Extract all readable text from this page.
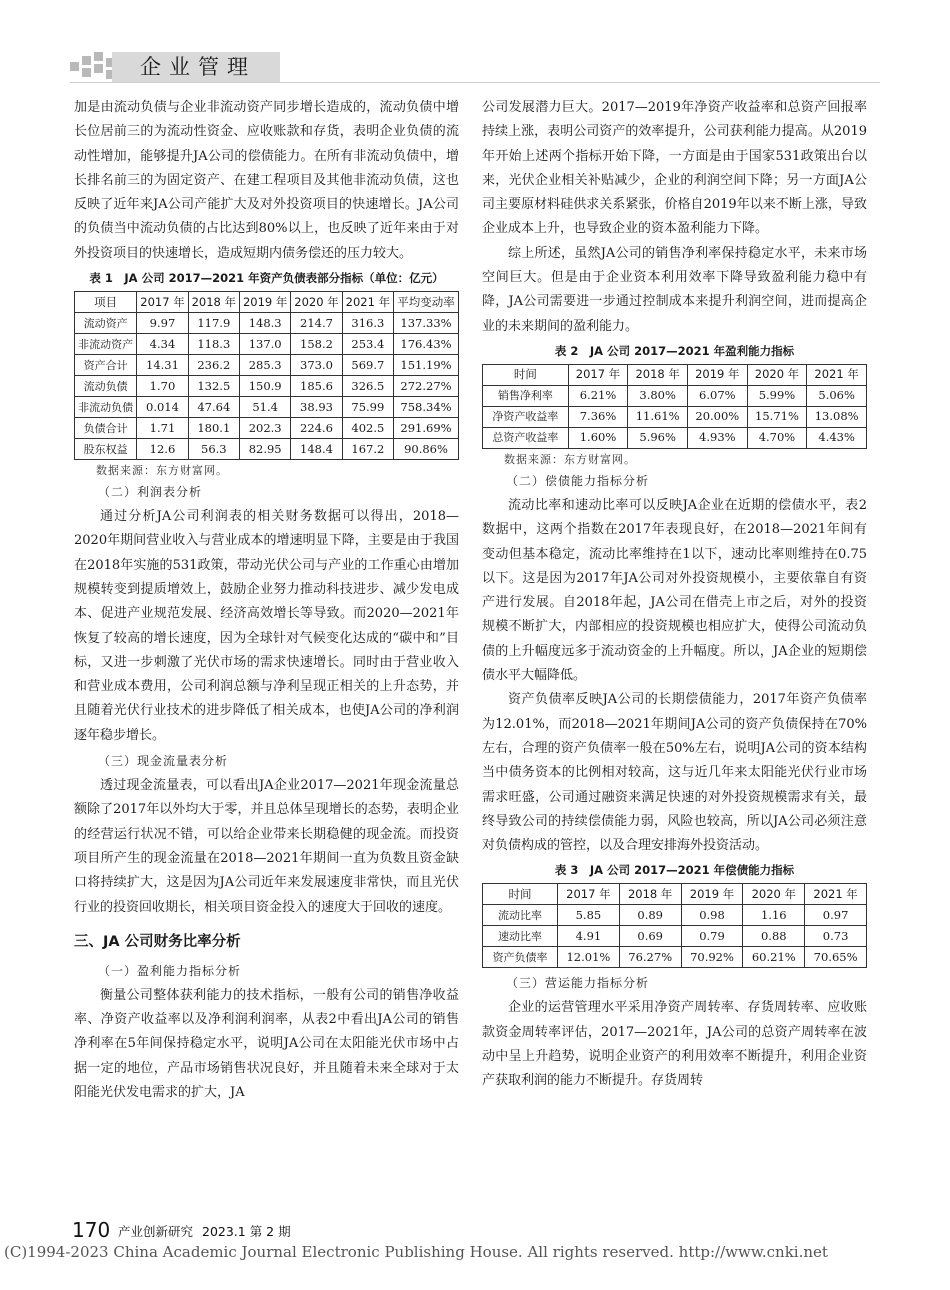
企业管理

加是由流动负债与企业非流动资产同步增长造成的，流动负债中增长位居前三的为流动性资金、应收账款和存货，表明企业负债的流动性增加，能够提升JA公司的偿债能力。在所有非流动负债中，增长排名前三的为固定资产、在建工程项目及其他非流动负债，这也反映了近年来JA公司产能扩大及对外投资项目的快速增长。JA公司的负债当中流动负债的占比达到80%以上，也反映了近年来由于对外投资项目的快速增长，造成短期内债务偿还的压力较大。

表 1　JA 公司 2017—2021 年资产负债表部分指标（单位：亿元）
项目	2017 年	2018 年	2019 年	2020 年	2021 年	平均变动率
流动资产	9.97	117.9	148.3	214.7	316.3	137.33%
非流动资产	4.34	118.3	137.0	158.2	253.4	176.43%
资产合计	14.31	236.2	285.3	373.0	569.7	151.19%
流动负债	1.70	132.5	150.9	185.6	326.5	272.27%
非流动负债	0.014	47.64	51.4	38.93	75.99	758.34%
负债合计	1.71	180.1	202.3	224.6	402.5	291.69%
股东权益	12.6	56.3	82.95	148.4	167.2	90.86%
数据来源：东方财富网。
（二）利润表分析

通过分析JA公司利润表的相关财务数据可以得出，2018—2020年期间营业收入与营业成本的增速明显下降，主要是由于我国在2018年实施的531政策，带动光伏公司与产业的工作重心由增加规模转变到提质增效上，鼓励企业努力推动科技进步、减少发电成本、促进产业规范发展、经济高效增长等导致。而2020—2021年恢复了较高的增长速度，因为全球针对气候变化达成的“碳中和”目标，又进一步刺激了光伏市场的需求快速增长。同时由于营业收入和营业成本费用，公司利润总额与净利呈现正相关的上升态势，并且随着光伏行业技术的进步降低了相关成本，也使JA公司的净利润逐年稳步增长。

（三）现金流量表分析

透过现金流量表，可以看出JA企业2017—2021年现金流量总额除了2017年以外均大于零，并且总体呈现增长的态势，表明企业的经营运行状况不错，可以给企业带来长期稳健的现金流。而投资项目所产生的现金流量在2018—2021年期间一直为负数且资金缺口将持续扩大，这是因为JA公司近年来发展速度非常快，而且光伏行业的投资回收期长，相关项目资金投入的速度大于回收的速度。

三、JA 公司财务比率分析
（一）盈利能力指标分析

衡量公司整体获利能力的技术指标，一般有公司的销售净收益率、净资产收益率以及净利润利润率，从表2中看出JA公司的销售净利率在5年间保持稳定水平，说明JA公司在太阳能光伏市场中占据一定的地位，产品市场销售状况良好，并且随着未来全球对于太阳能光伏发电需求的扩大，JA

公司发展潜力巨大。2017—2019年净资产收益率和总资产回报率持续上涨，表明公司资产的效率提升，公司获利能力提高。从2019年开始上述两个指标开始下降，一方面是由于国家531政策出台以来，光伏企业相关补贴减少，企业的利润空间下降；另一方面JA公司主要原材料硅供求关系紧张，价格自2019年以来不断上涨，导致企业成本上升，也导致企业的资本盈利能力下降。

综上所述，虽然JA公司的销售净利率保持稳定水平，未来市场空间巨大。但是由于企业资本利用效率下降导致盈利能力稳中有降，JA公司需要进一步通过控制成本来提升利润空间，进而提高企业的未来期间的盈利能力。

表 2　JA 公司 2017—2021 年盈利能力指标
时间	2017 年	2018 年	2019 年	2020 年	2021 年
销售净利率	6.21%	3.80%	6.07%	5.99%	5.06%
净资产收益率	7.36%	11.61%	20.00%	15.71%	13.08%
总资产收益率	1.60%	5.96%	4.93%	4.70%	4.43%
数据来源：东方财富网。
（二）偿债能力指标分析

流动比率和速动比率可以反映JA企业在近期的偿债水平，表2数据中，这两个指数在2017年表现良好，在2018—2021年间有变动但基本稳定，流动比率维持在1以下，速动比率则维持在0.75以下。这是因为2017年JA公司对外投资规模小，主要依靠自有资产进行发展。自2018年起，JA公司在借壳上市之后，对外的投资规模不断扩大，内部相应的投资规模也相应扩大，使得公司流动负债的上升幅度远多于流动资金的上升幅度。所以，JA企业的短期偿债水平大幅降低。

资产负债率反映JA公司的长期偿债能力，2017年资产负债率为12.01%，而2018—2021年期间JA公司的资产负债保持在70%左右，合理的资产负债率一般在50%左右，说明JA公司的资本结构当中债务资本的比例相对较高，这与近几年来太阳能光伏行业市场需求旺盛，公司通过融资来满足快速的对外投资规模需求有关，最终导致公司的持续偿债能力弱，风险也较高，所以JA公司必须注意对负债构成的管控，以及合理安排海外投资活动。

表 3　JA 公司 2017—2021 年偿债能力指标
时间	2017 年	2018 年	2019 年	2020 年	2021 年
流动比率	5.85	0.89	0.98	1.16	0.97
速动比率	4.91	0.69	0.79	0.88	0.73
资产负债率	12.01%	76.27%	70.92%	60.21%	70.65%
（三）营运能力指标分析

企业的运营管理水平采用净资产周转率、存货周转率、应收账款资金周转率评估，2017—2021年，JA公司的总资产周转率在波动中呈上升趋势，说明企业资产的利用效率不断提升，利用企业资产获取利润的能力不断提升。存货周转

170 产业创新研究 2023.1 第 2 期
(C)1994-2023 China Academic Journal Electronic Publishing House. All rights reserved. http://www.cnki.net
